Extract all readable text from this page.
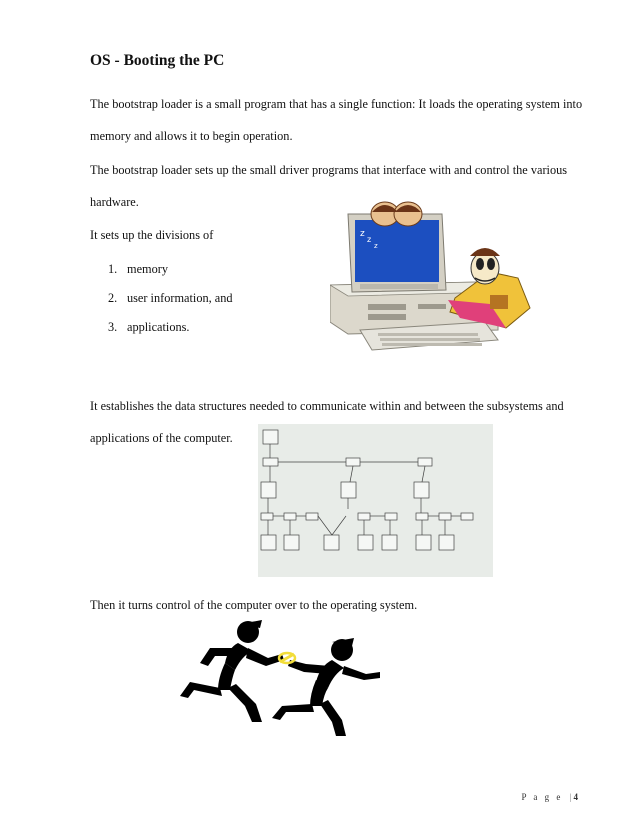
OS - Booting the PC

The bootstrap loader is a small program that has a single function: It loads the operating system into memory and allows it to begin operation.

The bootstrap loader sets up the small driver programs that interface with and control the various hardware.

It sets up the divisions of

1. memory
2. user information, and
3. applications.
z
z
z

It establishes the data structures needed to communicate within and between the subsystems and applications of the computer.

Then it turns control of the computer over to the operating system.

P a g e | 4
